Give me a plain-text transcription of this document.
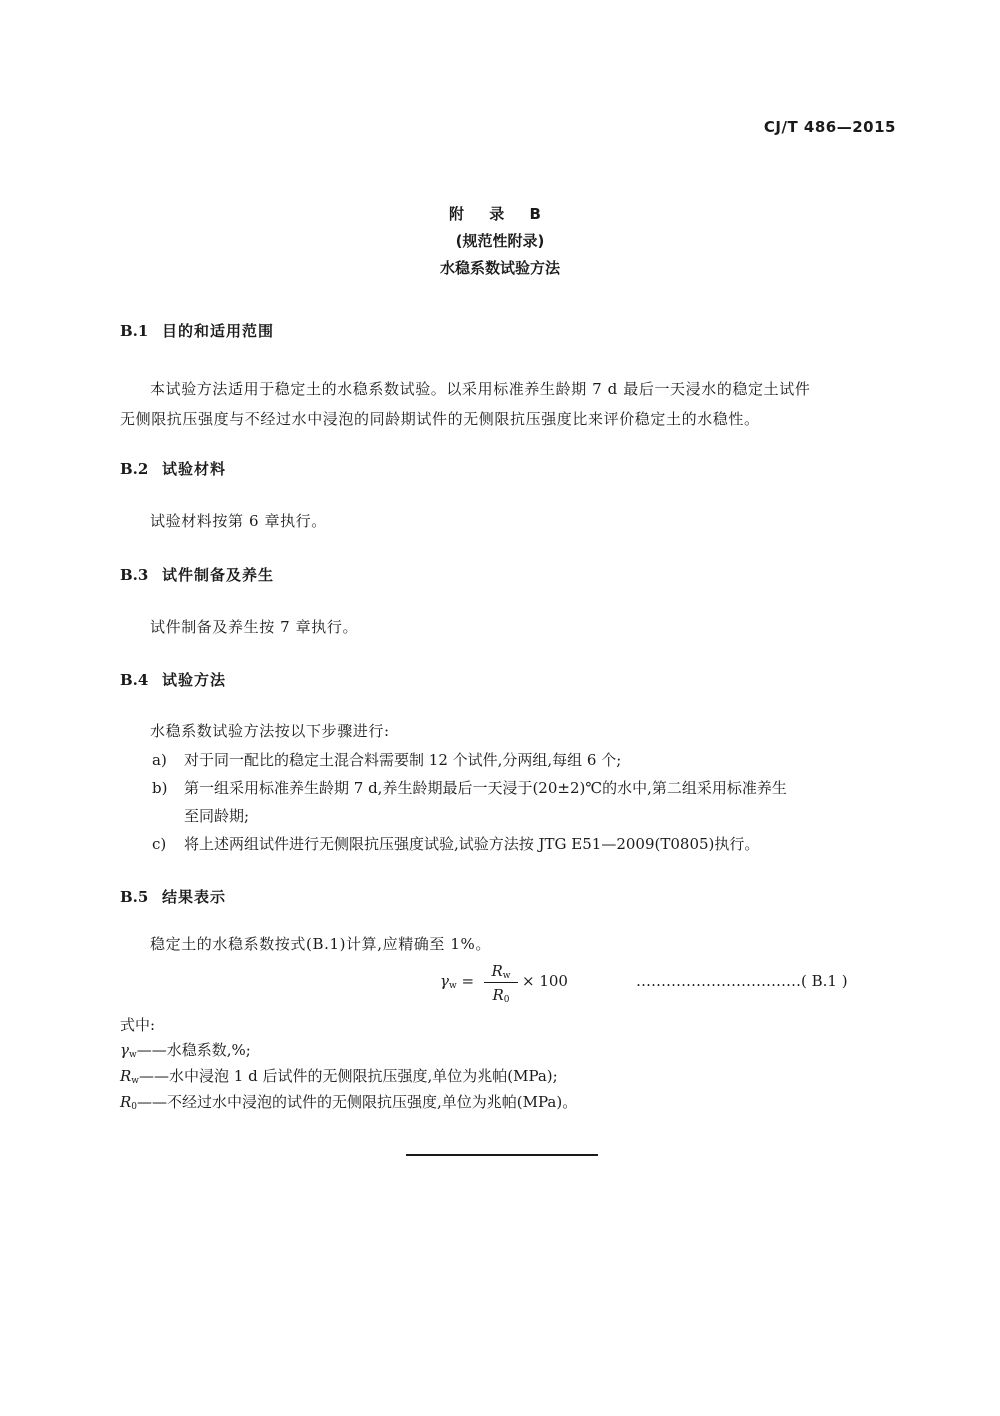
CJ/T 486—2015
附 录 B
(规范性附录)
水稳系数试验方法
B.1 目的和适用范围
本试验方法适用于稳定土的水稳系数试验。以采用标准养生龄期 7 d 最后一天浸水的稳定土试件
无侧限抗压强度与不经过水中浸泡的同龄期试件的无侧限抗压强度比来评价稳定土的水稳性。
B.2 试验材料
试验材料按第 6 章执行。
B.3 试件制备及养生
试件制备及养生按 7 章执行。
B.4 试验方法
水稳系数试验方法按以下步骤进行:
a) 对于同一配比的稳定土混合料需要制 12 个试件,分两组,每组 6 个;
b) 第一组采用标准养生龄期 7 d,养生龄期最后一天浸于(20±2)℃的水中,第二组采用标准养生
至同龄期;
c) 将上述两组试件进行无侧限抗压强度试验,试验方法按 JTG E51—2009(T0805)执行。
B.5 结果表示
稳定土的水稳系数按式(B.1)计算,应精确至 1%。
$\gamma_w = \frac{R_w}{R_0} \times 100$	……………………………( B.1 )
式中:
$\gamma_w——$水稳系数,%;
$R_w——$水中浸泡 1 d 后试件的无侧限抗压强度,单位为兆帕(MPa);
$R_0——$不经过水中浸泡的试件的无侧限抗压强度,单位为兆帕(MPa)。
